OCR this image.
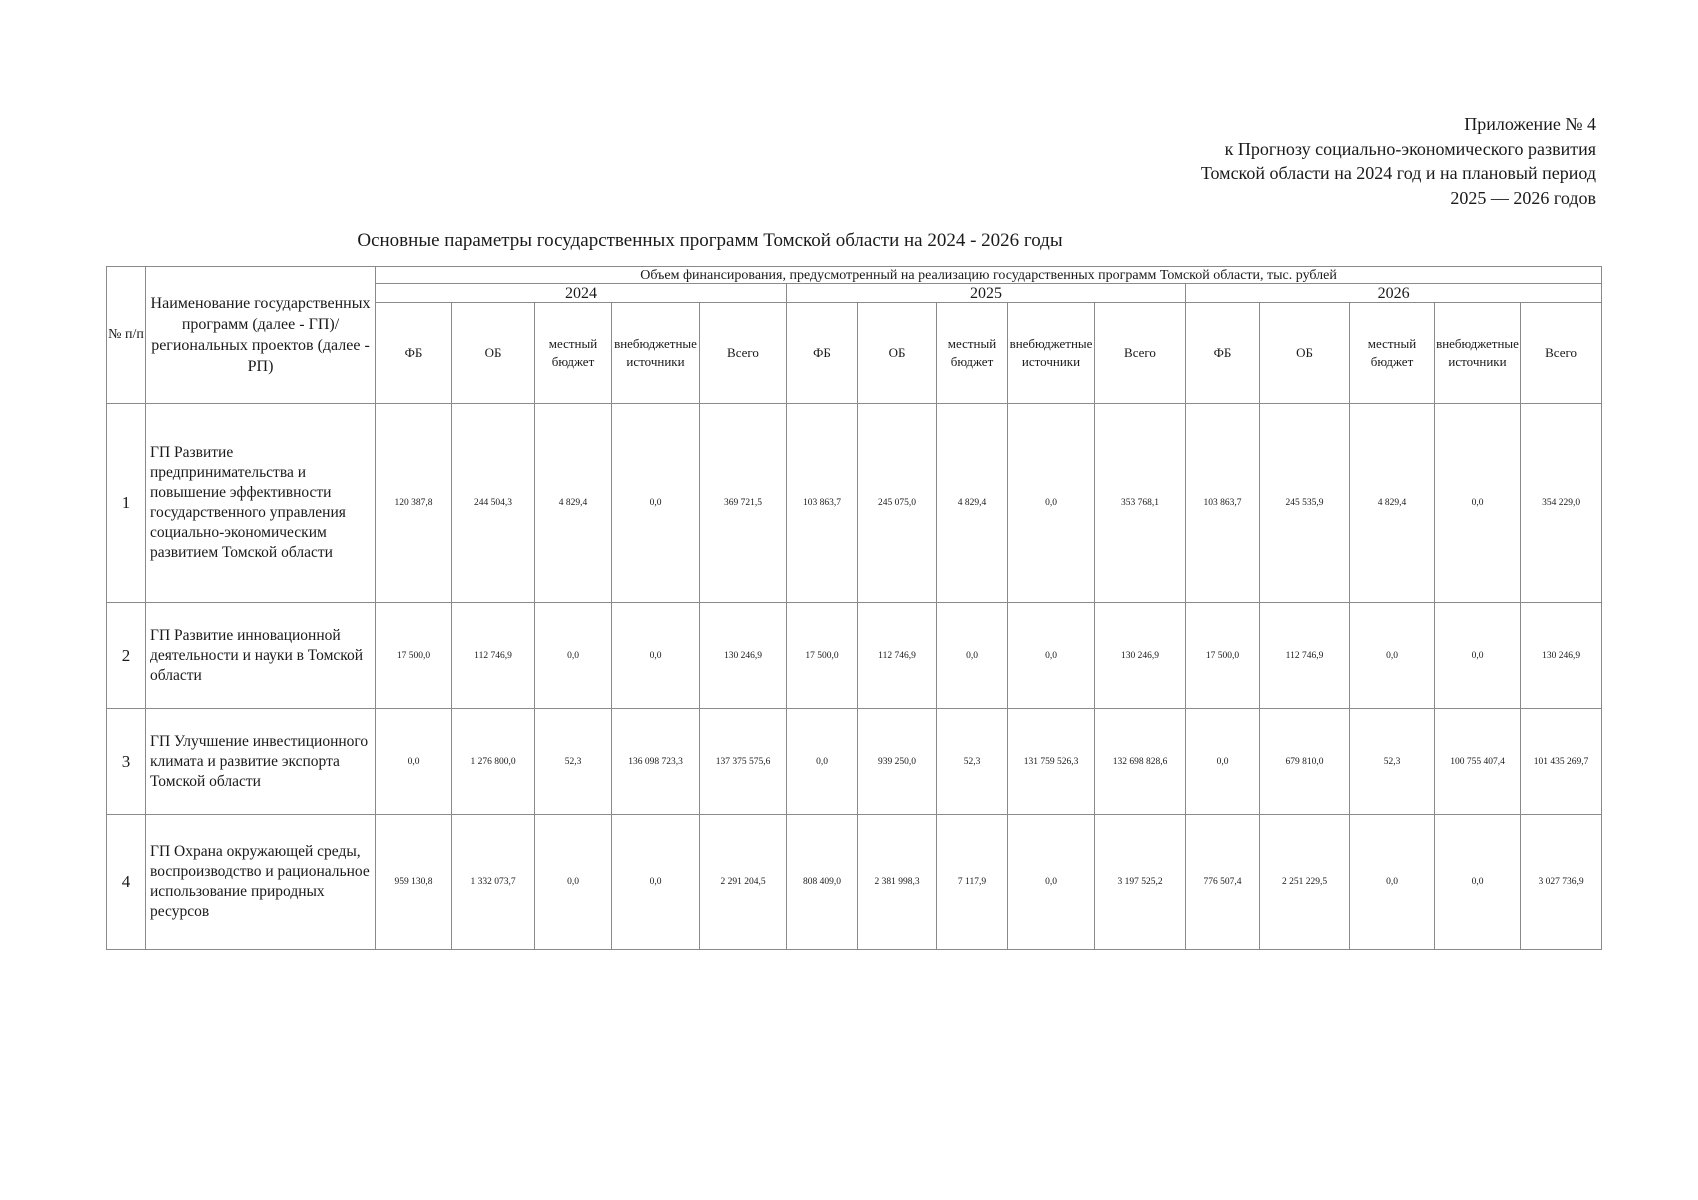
Приложение № 4
к Прогнозу социально-экономического развития
Томской области на 2024 год и на плановый период
2025 — 2026 годов
Основные параметры государственных программ Томской области на 2024 - 2026 годы
№ п/п	Наименование государственных программ (далее - ГП)/региональных проектов (далее - РП)	Объем финансирования, предусмотренный на реализацию государственных программ Томской области, тыс. рублей														
		2024					2025					2026				
		ФБ	ОБ	местный бюджет	внебюджетные источники	Всего	ФБ	ОБ	местный бюджет	внебюджетные источники	Всего	ФБ	ОБ	местный бюджет	внебюджетные источники	Всего
1	ГП Развитие предпринимательства и повышение эффективности государственного управления социально-экономическим развитием Томской области	120 387,8	244 504,3	4 829,4	0,0	369 721,5	103 863,7	245 075,0	4 829,4	0,0	353 768,1	103 863,7	245 535,9	4 829,4	0,0	354 229,0
2	ГП Развитие инновационной деятельности и науки в Томской области	17 500,0	112 746,9	0,0	0,0	130 246,9	17 500,0	112 746,9	0,0	0,0	130 246,9	17 500,0	112 746,9	0,0	0,0	130 246,9
3	ГП Улучшение инвестиционного климата и развитие экспорта Томской области	0,0	1 276 800,0	52,3	136 098 723,3	137 375 575,6	0,0	939 250,0	52,3	131 759 526,3	132 698 828,6	0,0	679 810,0	52,3	100 755 407,4	101 435 269,7
4	ГП Охрана окружающей среды, воспроизводство и рациональное использование природных ресурсов	959 130,8	1 332 073,7	0,0	0,0	2 291 204,5	808 409,0	2 381 998,3	7 117,9	0,0	3 197 525,2	776 507,4	2 251 229,5	0,0	0,0	3 027 736,9
